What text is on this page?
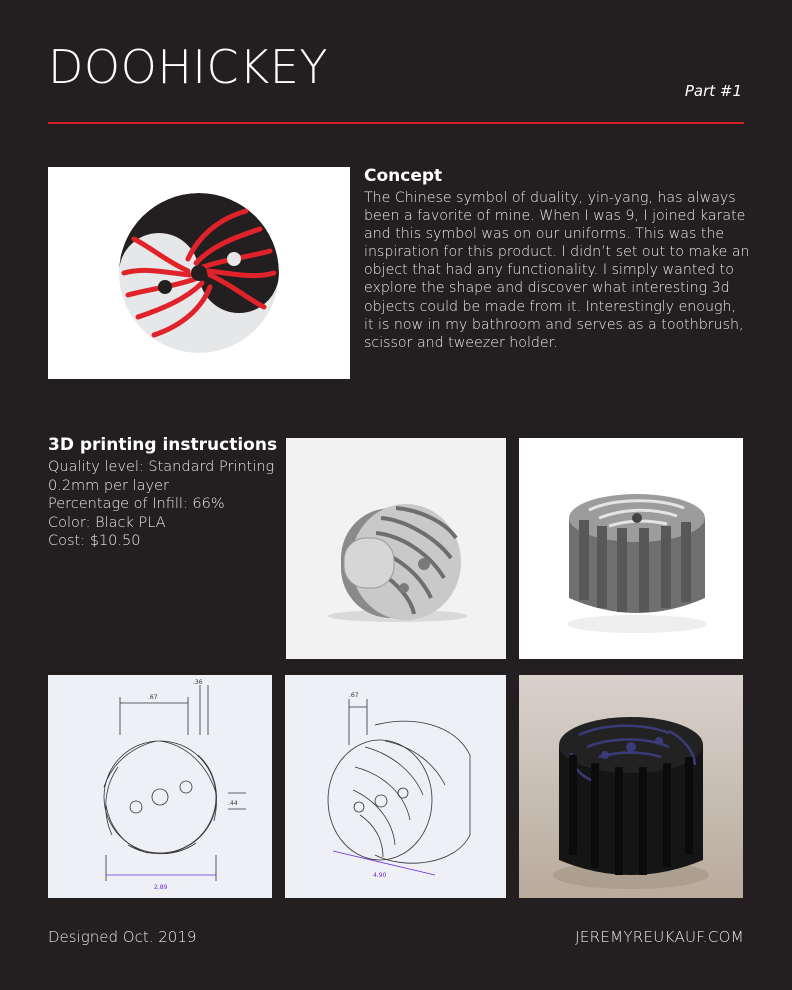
DOOHICKEY	Part #1
Concept
The Chinese symbol of duality, yin-yang, has always
been a favorite of mine. When I was 9, I joined karate
and this symbol was on our uniforms. This was the
inspiration for this product. I didn’t set out to make an
object that had any functionality. I simply wanted to
explore the shape and discover what interesting 3d
objects could be made from it. Interestingly enough,
it is now in my bathroom and serves as a toothbrush,
scissor and tweezer holder.
3D printing instructions
Quality level: Standard Printing
0.2mm per layer
Percentage of Infill: 66%
Color: Black PLA
Cost: $10.50
.67
.36
.44
2.89
.67
4.90
Designed Oct. 2019	JEREMYREUKAUF.COM
